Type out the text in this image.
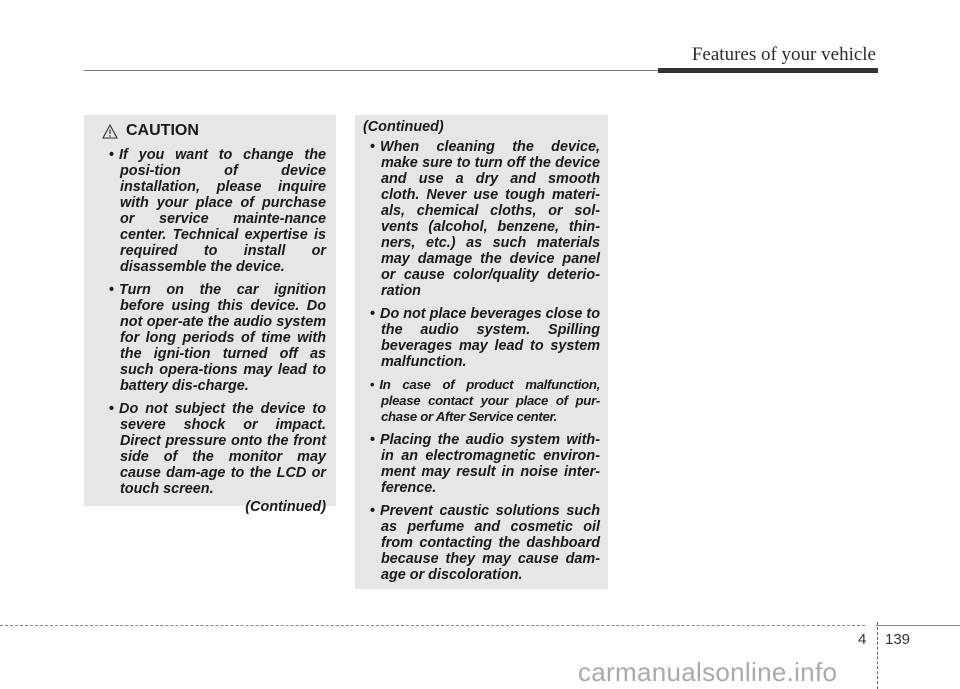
Features of your vehicle
CAUTION
• If you want to change the posi-tion of device installation, please inquire with your place of purchase or service mainte-nance center. Technical expertise is required to install or disassemble the device.
• Turn on the car ignition before using this device. Do not oper-ate the audio system for long periods of time with the igni-tion turned off as such opera-tions may lead to battery dis-charge.
• Do not subject the device to severe shock or impact. Direct pressure onto the front side of the monitor may cause dam-age to the LCD or touch screen.
(Continued)
(Continued)
• When cleaning the device, make sure to turn off the device and use a dry and smooth cloth. Never use tough materi-als, chemical cloths, or sol-vents (alcohol, benzene, thin-ners, etc.) as such materials may damage the device panel or cause color/quality deterio-ration
• Do not place beverages close to the audio system. Spilling beverages may lead to system malfunction.
• In case of product malfunction, please contact your place of pur-chase or After Service center.
• Placing the audio system with-in an electromagnetic environ-ment may result in noise inter-ference.
• Prevent caustic solutions such as perfume and cosmetic oil from contacting the dashboard because they may cause dam-age or discoloration.
4 139
carmanualsonline.info
